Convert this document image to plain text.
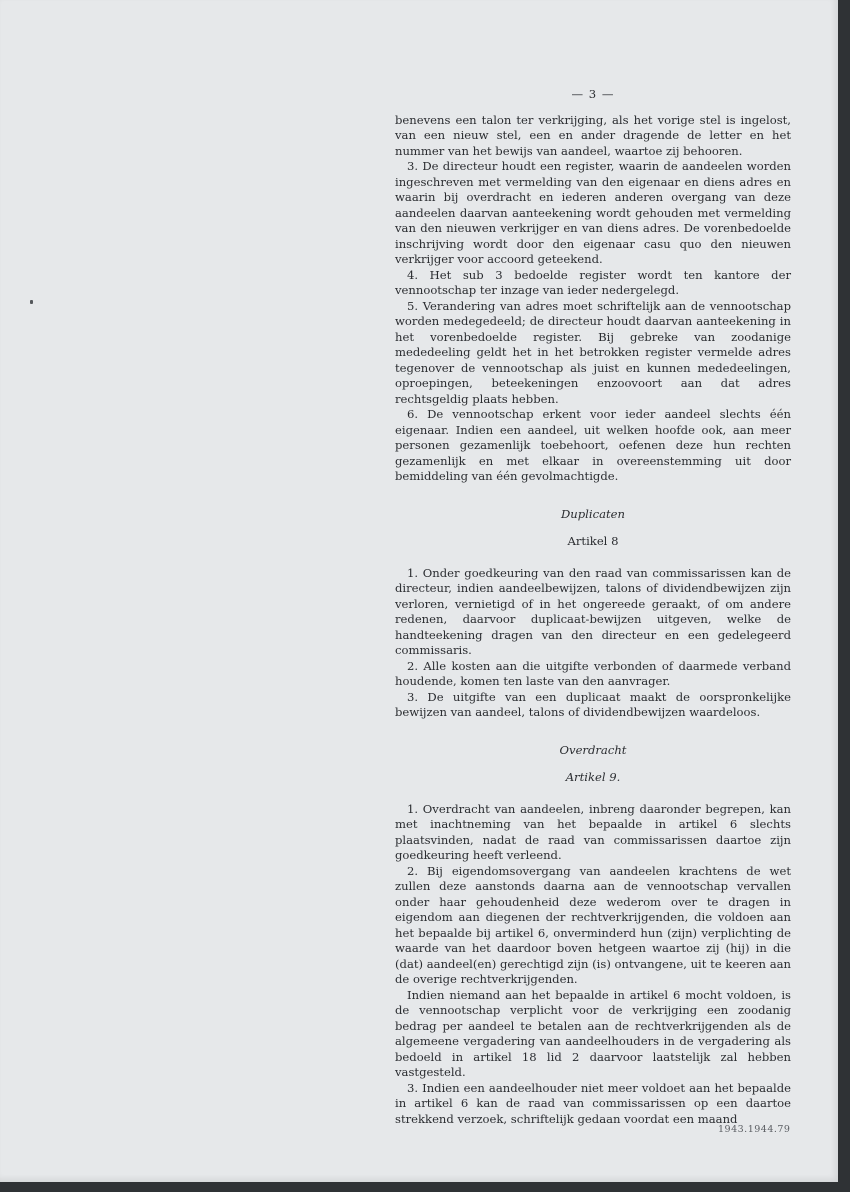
— 3 —

benevens een talon ter verkrijging, als het vorige stel is ingelost, van een nieuw stel, een en ander dragende de letter en het nummer van het bewijs van aandeel, waartoe zij behooren.

3. De directeur houdt een register, waarin de aandeelen worden ingeschreven met vermelding van den eigenaar en diens adres en waarin bij overdracht en iederen anderen overgang van deze aandeelen daarvan aanteekening wordt gehouden met vermelding van den nieuwen verkrijger en van diens adres. De vorenbedoelde inschrijving wordt door den eigenaar casu quo den nieuwen verkrijger voor accoord geteekend.

4. Het sub 3 bedoelde register wordt ten kantore der vennootschap ter inzage van ieder nedergelegd.

5. Verandering van adres moet schriftelijk aan de vennootschap worden medegedeeld; de directeur houdt daarvan aanteekening in het vorenbedoelde register. Bij gebreke van zoodanige mededeeling geldt het in het betrokken register vermelde adres tegenover de vennootschap als juist en kunnen mededeelingen, oproepingen, beteekeningen enzoovoort aan dat adres rechtsgeldig plaats hebben.

6. De vennootschap erkent voor ieder aandeel slechts één eigenaar. Indien een aandeel, uit welken hoofde ook, aan meer personen gezamenlijk toebehoort, oefenen deze hun rechten gezamenlijk en met elkaar in overeenstemming uit door bemiddeling van één gevolmachtigde.

Duplicaten

Artikel 8

1. Onder goedkeuring van den raad van commissarissen kan de directeur, indien aandeelbewijzen, talons of dividendbewijzen zijn verloren, vernietigd of in het ongereede geraakt, of om andere redenen, daarvoor duplicaat-bewijzen uitgeven, welke de handteekening dragen van den directeur en een gedelegeerd commissaris.

2. Alle kosten aan die uitgifte verbonden of daarmede verband houdende, komen ten laste van den aanvrager.

3. De uitgifte van een duplicaat maakt de oorspronkelijke bewijzen van aandeel, talons of dividendbewijzen waardeloos.

Overdracht

Artikel 9.

1. Overdracht van aandeelen, inbreng daaronder begrepen, kan met inachtneming van het bepaalde in artikel 6 slechts plaatsvinden, nadat de raad van commissarissen daartoe zijn goedkeuring heeft verleend.

2. Bij eigendomsovergang van aandeelen krachtens de wet zullen deze aanstonds daarna aan de vennootschap vervallen onder haar gehoudenheid deze wederom over te dragen in eigendom aan diegenen der rechtverkrijgenden, die voldoen aan het bepaalde bij artikel 6, onverminderd hun (zijn) verplichting de waarde van het daardoor boven hetgeen waartoe zij (hij) in die (dat) aandeel(en) gerechtigd zijn (is) ontvangene, uit te keeren aan de overige rechtverkrijgenden.

Indien niemand aan het bepaalde in artikel 6 mocht voldoen, is de vennootschap verplicht voor de verkrijging een zoodanig bedrag per aandeel te betalen aan de rechtverkrijgenden als de algemeene vergadering van aandeelhouders in de vergadering als bedoeld in artikel 18 lid 2 daarvoor laatstelijk zal hebben vastgesteld.

3. Indien een aandeelhouder niet meer voldoet aan het bepaalde in artikel 6 kan de raad van commissarissen op een daartoe strekkend verzoek, schriftelijk gedaan voordat een maand

1943.1944.79
